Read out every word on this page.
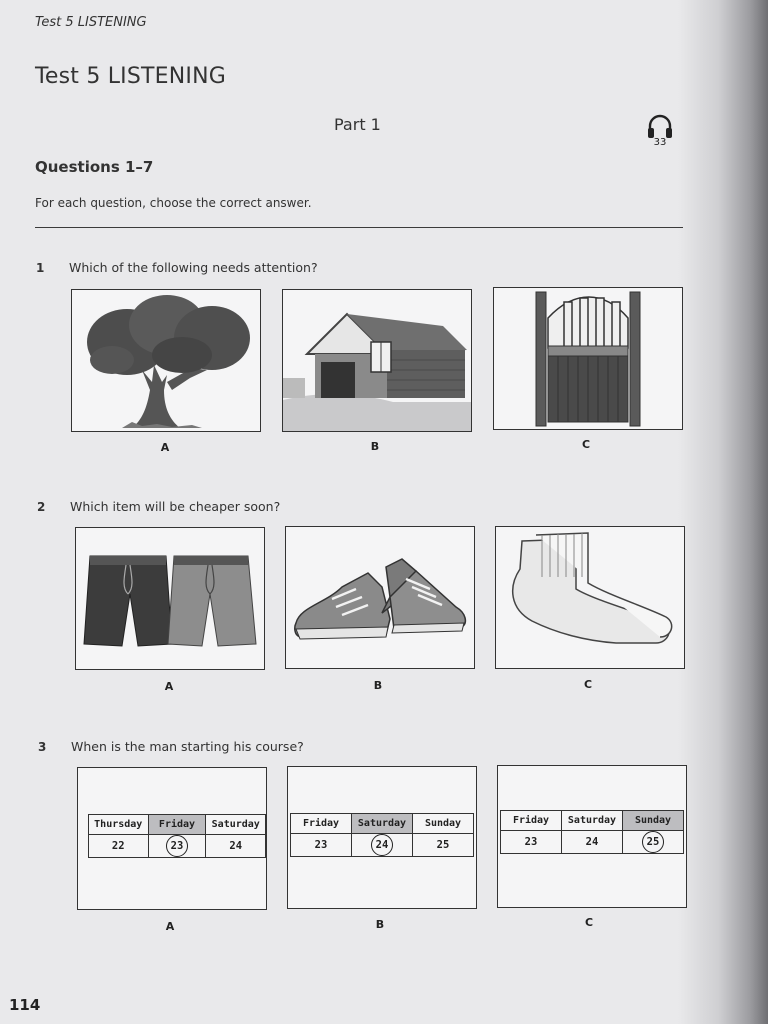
Test 5 LISTENING
Test 5 LISTENING
Part 1
33
Questions 1–7
For each question, choose the correct answer.
1 Which of the following needs attention?
A	B	C
2 Which item will be cheaper soon?
A	B	C
3 When is the man starting his course?
Thursday	Friday	Saturday
22	23	24
Friday	Saturday	Sunday
23	24	25
Friday	Saturday	Sunday
23	24	25
A	B	C
114
